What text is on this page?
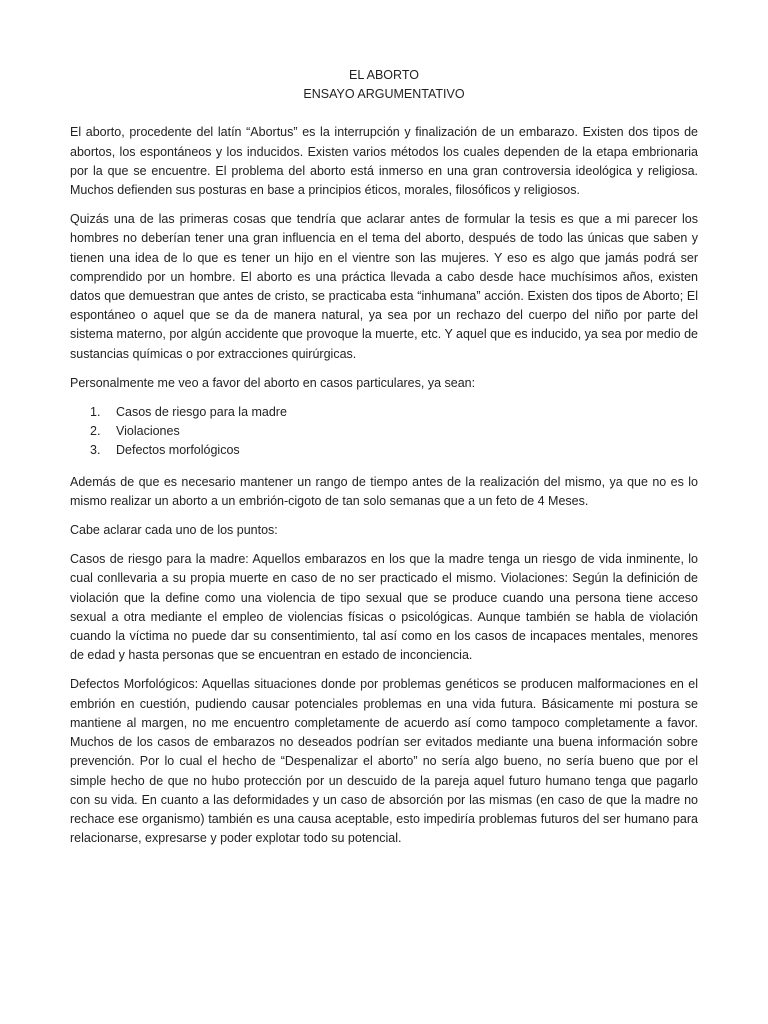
EL ABORTO
ENSAYO ARGUMENTATIVO

El aborto, procedente del latín “Abortus” es la interrupción y finalización de un embarazo. Existen dos tipos de abortos, los espontáneos y los inducidos. Existen varios métodos los cuales dependen de la etapa embrionaria por la que se encuentre. El problema del aborto está inmerso en una gran controversia ideológica y religiosa. Muchos defienden sus posturas en base a principios éticos, morales, filosóficos y religiosos.

Quizás una de las primeras cosas que tendría que aclarar antes de formular la tesis es que a mi parecer los hombres no deberían tener una gran influencia en el tema del aborto, después de todo las únicas que saben y tienen una idea de lo que es tener un hijo en el vientre son las mujeres. Y eso es algo que jamás podrá ser comprendido por un hombre. El aborto es una práctica llevada a cabo desde hace muchísimos años, existen datos que demuestran que antes de cristo, se practicaba esta “inhumana” acción. Existen dos tipos de Aborto; El espontáneo o aquel que se da de manera natural, ya sea por un rechazo del cuerpo del niño por parte del sistema materno, por algún accidente que provoque la muerte, etc. Y aquel que es inducido, ya sea por medio de sustancias químicas o por extracciones quirúrgicas.

Personalmente me veo a favor del aborto en casos particulares, ya sean:

1.	Casos de riesgo para la madre
2.	Violaciones
3.	Defectos morfológicos

Además de que es necesario mantener un rango de tiempo antes de la realización del mismo, ya que no es lo mismo realizar un aborto a un embrión-cigoto de tan solo semanas que a un feto de 4 Meses.

Cabe aclarar cada uno de los puntos:

Casos de riesgo para la madre: Aquellos embarazos en los que la madre tenga un riesgo de vida inminente, lo cual conllevaria a su propia muerte en caso de no ser practicado el mismo. Violaciones: Según la definición de violación que la define como una violencia de tipo sexual que se produce cuando una persona tiene acceso sexual a otra mediante el empleo de violencias físicas o psicológicas. Aunque también se habla de violación cuando la víctima no puede dar su consentimiento, tal así como en los casos de incapaces mentales, menores de edad y hasta personas que se encuentran en estado de inconciencia.

Defectos Morfológicos: Aquellas situaciones donde por problemas genéticos se producen malformaciones en el embrión en cuestión, pudiendo causar potenciales problemas en una vida futura. Básicamente mi postura se mantiene al margen, no me encuentro completamente de acuerdo así como tampoco completamente a favor. Muchos de los casos de embarazos no deseados podrían ser evitados mediante una buena información sobre prevención. Por lo cual el hecho de “Despenalizar el aborto” no sería algo bueno, no sería bueno que por el simple hecho de que no hubo protección por un descuido de la pareja aquel futuro humano tenga que pagarlo con su vida. En cuanto a las deformidades y un caso de absorción por las mismas (en caso de que la madre no rechace ese organismo) también es una causa aceptable, esto impediría problemas futuros del ser humano para relacionarse, expresarse y poder explotar todo su potencial.
